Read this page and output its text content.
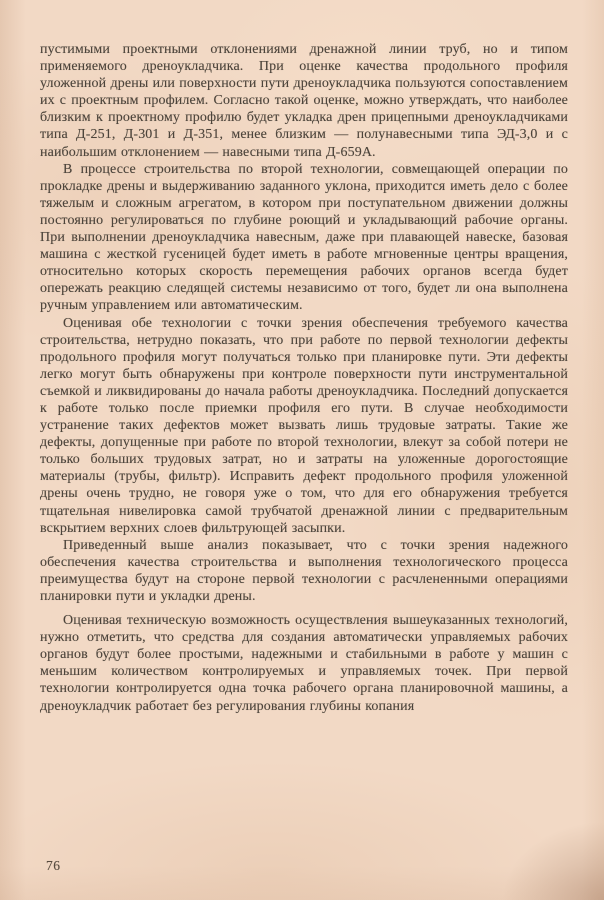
пустимыми проектными отклонениями дренажной линии труб, но и типом применяемого дреноукладчика. При оценке качества продольного профиля уложенной дрены или поверхности пути дреноукладчика пользуются сопоставлением их с проектным профилем. Согласно такой оценке, можно утверждать, что наиболее близким к проектному профилю будет укладка дрен прицепными дреноукладчиками типа Д-251, Д-301 и Д-351, менее близким — полунавесными типа ЭД-3,0 и с наибольшим отклонением — навесными типа Д-659А.

В процессе строительства по второй технологии, совмещающей операции по прокладке дрены и выдерживанию заданного уклона, приходится иметь дело с более тяжелым и сложным агрегатом, в котором при поступательном движении должны постоянно регулироваться по глубине роющий и укладывающий рабочие органы. При выполнении дреноукладчика навесным, даже при плавающей навеске, базовая машина с жесткой гусеницей будет иметь в работе мгновенные центры вращения, относительно которых скорость перемещения рабочих органов всегда будет опережать реакцию следящей системы независимо от того, будет ли она выполнена ручным управлением или автоматическим.

Оценивая обе технологии с точки зрения обеспечения требуемого качества строительства, нетрудно показать, что при работе по первой технологии дефекты продольного профиля могут получаться только при планировке пути. Эти дефекты легко могут быть обнаружены при контроле поверхности пути инструментальной съемкой и ликвидированы до начала работы дреноукладчика. Последний допускается к работе только после приемки профиля его пути. В случае необходимости устранение таких дефектов может вызвать лишь трудовые затраты. Такие же дефекты, допущенные при работе по второй технологии, влекут за собой потери не только больших трудовых затрат, но и затраты на уложенные дорогостоящие материалы (трубы, фильтр). Исправить дефект продольного профиля уложенной дрены очень трудно, не говоря уже о том, что для его обнаружения требуется тщательная нивелировка самой трубчатой дренажной линии с предварительным вскрытием верхних слоев фильтрующей засыпки.

Приведенный выше анализ показывает, что с точки зрения надежного обеспечения качества строительства и выполнения технологического процесса преимущества будут на стороне первой технологии с расчлененными операциями планировки пути и укладки дрены.

Оценивая техническую возможность осуществления вышеуказанных технологий, нужно отметить, что средства для создания автоматически управляемых рабочих органов будут более простыми, надежными и стабильными в работе у машин с меньшим количеством контролируемых и управляемых точек. При первой технологии контролируется одна точка рабочего органа планировочной машины, а дреноукладчик работает без регулирования глубины копания

76
